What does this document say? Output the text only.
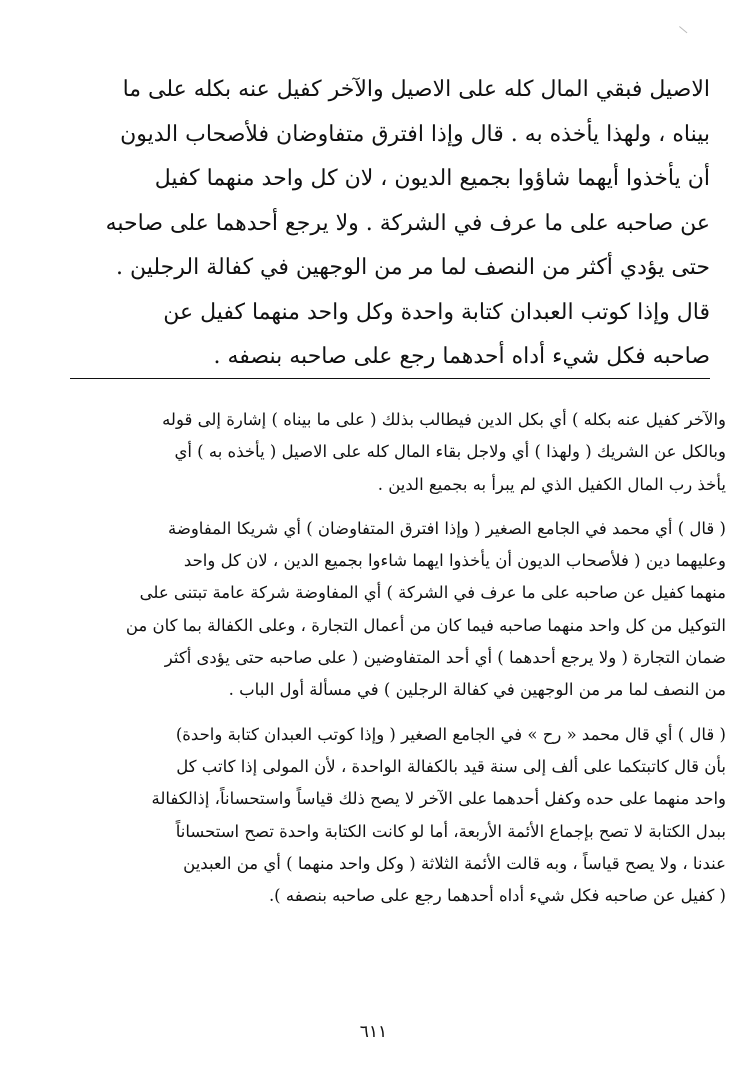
الاصيل فبقي المال كله على الاصيل والآخر كفيل عنه بكله على ما
بيناه ، ولهذا يأخذه به . قال وإذا افترق متفاوضان فلأصحاب الديون
أن يأخذوا أيهما شاؤوا بجميع الديون ، لان كل واحد منهما كفيل
عن صاحبه على ما عرف في الشركة . ولا يرجع أحدهما على صاحبه
حتى يؤدي أكثر من النصف لما مر من الوجهين في كفالة الرجلين .
قال وإذا كوتب العبدان كتابة واحدة وكل واحد منهما كفيل عن
صاحبه فكل شيء أداه أحدهما رجع على صاحبه بنصفه .
والآخر كفيل عنه بكله ) أي بكل الدين فيطالب بذلك ( على ما بيناه ) إشارة إلى قوله
وبالكل عن الشريك ( ولهذا ) أي ولاجل بقاء المال كله على الاصيل ( يأخذه به ) أي
يأخذ رب المال الكفيل الذي لم يبرأ به بجميع الدين .
( قال ) أي محمد في الجامع الصغير ( وإذا افترق المتفاوضان ) أي شريكا المفاوضة
وعليهما دين ( فلأصحاب الديون أن يأخذوا ايهما شاءوا بجميع الدين ، لان كل واحد
منهما كفيل عن صاحبه على ما عرف في الشركة ) أي المفاوضة شركة عامة تبتنى على
التوكيل من كل واحد منهما صاحبه فيما كان من أعمال التجارة ، وعلى الكفالة بما كان من
ضمان التجارة ( ولا يرجع أحدهما ) أي أحد المتفاوضين ( على صاحبه حتى يؤدى أكثر
من النصف لما مر من الوجهين في كفالة الرجلين ) في مسألة أول الباب .
( قال ) أي قال محمد « رح » في الجامع الصغير ( وإذا كوتب العبدان كتابة واحدة)
بأن قال كاتبتكما على ألف إلى سنة قيد بالكفالة الواحدة ، لأن المولى إذا كاتب كل
واحد منهما على حده وكفل أحدهما على الآخر لا يصح ذلك قياساً واستحساناً، إذالكفالة
ببدل الكتابة لا تصح بإجماع الأئمة الأربعة، أما لو كانت الكتابة واحدة تصح استحساناً
عندنا ، ولا يصح قياساً ، وبه قالت الأئمة الثلاثة ( وكل واحد منهما ) أي من العبدين
( كفيل عن صاحبه فكل شيء أداه أحدهما رجع على صاحبه بنصفه ).
٦١١
